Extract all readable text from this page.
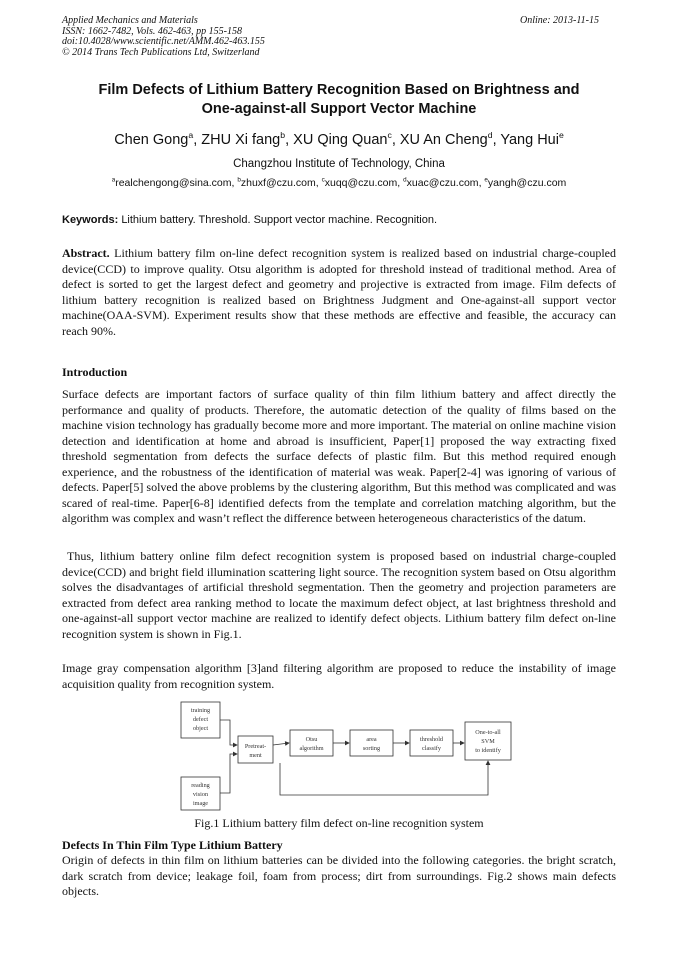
Applied Mechanics and Materials
ISSN: 1662-7482, Vols. 462-463, pp 155-158
doi:10.4028/www.scientific.net/AMM.462-463.155
© 2014 Trans Tech Publications Ltd, Switzerland
Online: 2013-11-15
Film Defects of Lithium Battery Recognition Based on Brightness and
One-against-all Support Vector Machine
Chen Gong$^a$, ZHU Xi fang$^b$, XU Qing Quan$^c$, XU An Cheng$^d$, Yang Hui$^e$
Changzhou Institute of Technology, China
$^a$realchengong@sina.com, $^b$zhuxf@czu.com, $^c$xuqq@czu.com, $^d$xuac@czu.com, $^e$yangh@czu.com
Keywords: Lithium battery. Threshold. Support vector machine. Recognition.
Abstract. Lithium battery film on-line defect recognition system is realized based on industrial charge-coupled device(CCD) to improve quality. Otsu algorithm is adopted for threshold instead of traditional method. Area of defect is sorted to get the largest defect and geometry and projective is extracted from image. Film defects of lithium battery recognition is realized based on Brightness Judgment and One-against-all support vector machine(OAA-SVM). Experiment results show that these methods are effective and feasible, the accuracy can reach 90%.
Introduction
Surface defects are important factors of surface quality of thin film lithium battery and affect directly the performance and quality of products. Therefore, the automatic detection of the quality of films based on the machine vision technology has gradually become more and more important. The material on online machine vision detection and identification at home and abroad is insufficient, Paper[1] proposed the way extracting fixed threshold segmentation from defects the surface defects of plastic film. But this method required enough experience, and the robustness of the identification of material was weak. Paper[2-4] was ignoring of various of defects. Paper[5] solved the above problems by the clustering algorithm, But this method was complicated and was scared of real-time. Paper[6-8] identified defects from the template and correlation matching algorithm, but the algorithm was complex and wasn’t reflect the difference between heterogeneous characteristics of the datum.
Thus, lithium battery online film defect recognition system is proposed based on industrial charge-coupled device(CCD) and bright field illumination scattering light source. The recognition system based on Otsu algorithm solves the disadvantages of artificial threshold segmentation. Then the geometry and projection parameters are extracted from defect area ranking method to locate the maximum defect object, at last brightness threshold and one-against-all support vector machine are realized to identify defect objects. Lithium battery film defect on-line recognition system is shown in Fig.1.
Image gray compensation algorithm [3]and filtering algorithm are proposed to reduce the instability of image acquisition quality from recognition system.
training
defect
object
reading
vision
image
Pretreat-
ment
Otsu
algorithm
area
sorting
threshold
classify
One-to-all
SVM
to identify
Fig.1 Lithium battery film defect on-line recognition system
Defects In Thin Film Type Lithium Battery
Origin of defects in thin film on lithium batteries can be divided into the following categories. the bright scratch, dark scratch from device; leakage foil, foam from process; dirt from surroundings. Fig.2 shows main defects objects.
